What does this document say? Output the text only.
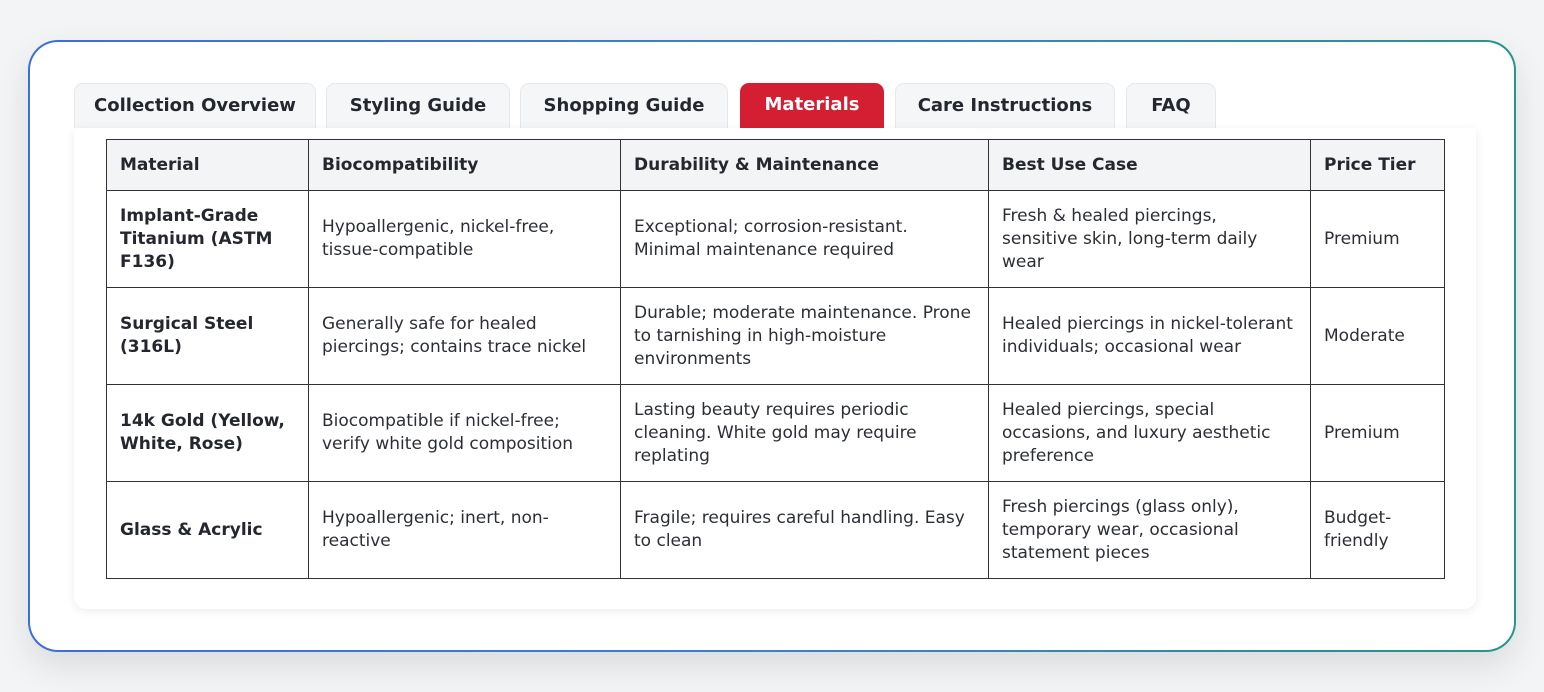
Collection Overview	Styling Guide	Shopping Guide	Materials	Care Instructions	FAQ
Material	Biocompatibility	Durability & Maintenance	Best Use Case	Price Tier
Implant-Grade Titanium (ASTM F136)	Hypoallergenic, nickel-free, tissue-compatible	Exceptional; corrosion-resistant. Minimal maintenance required	Fresh & healed piercings, sensitive skin, long-term daily wear	Premium
Surgical Steel (316L)	Generally safe for healed piercings; contains trace nickel	Durable; moderate maintenance. Prone to tarnishing in high-moisture environments	Healed piercings in nickel-tolerant individuals; occasional wear	Moderate
14k Gold (Yellow, White, Rose)	Biocompatible if nickel-free; verify white gold composition	Lasting beauty requires periodic cleaning. White gold may require replating	Healed piercings, special occasions, and luxury aesthetic preference	Premium
Glass & Acrylic	Hypoallergenic; inert, non-reactive	Fragile; requires careful handling. Easy to clean	Fresh piercings (glass only), temporary wear, occasional statement pieces	Budget-friendly
